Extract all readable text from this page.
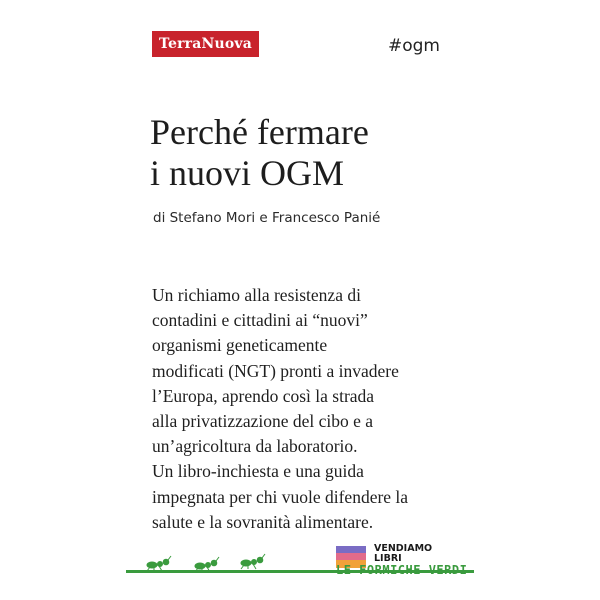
TerraNuova	#ogm
Perché fermare
i nuovi OGM
di Stefano Mori e Francesco Panié
Un richiamo alla resistenza di
contadini e cittadini ai “nuovi”
organismi geneticamente
modificati (NGT) pronti a invadere
l’Europa, aprendo così la strada
alla privatizzazione del cibo e a
un’agricoltura da laboratorio.
Un libro-inchiesta e una guida
impegnata per chi vuole difendere la
salute e la sovranità alimentare.
VENDIAMO
LIBRI
LE FORMICHE VERDI
